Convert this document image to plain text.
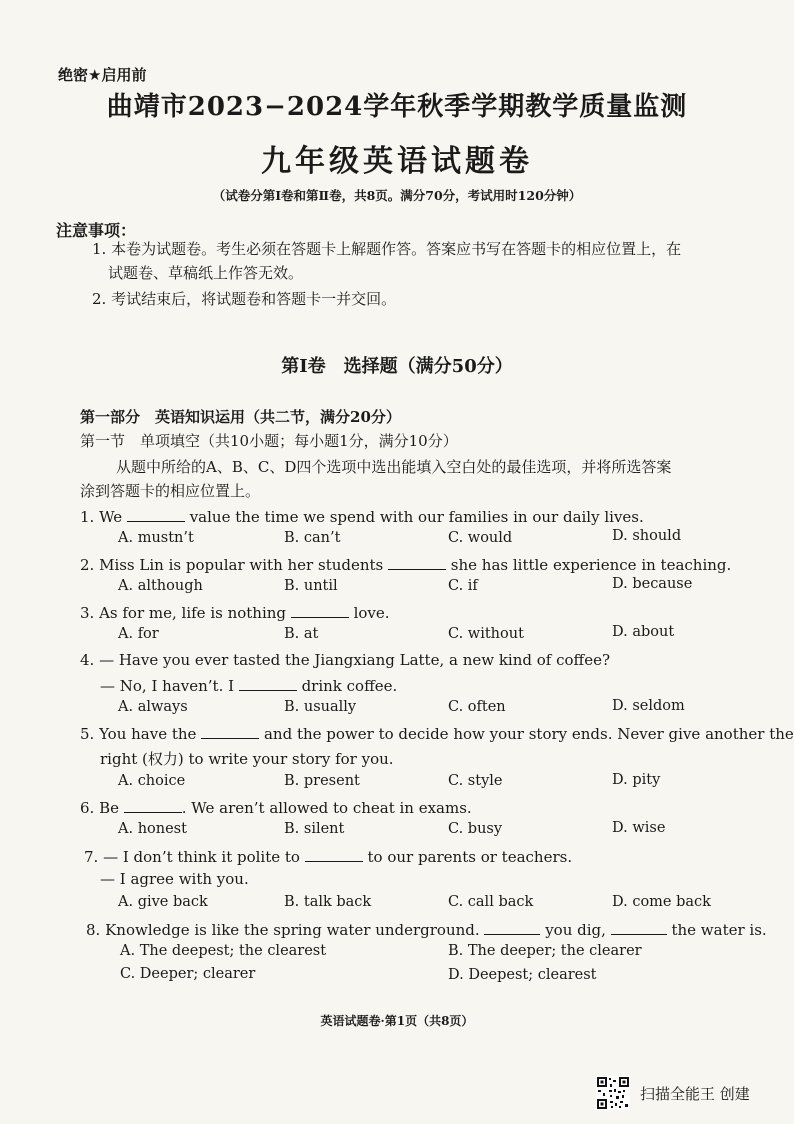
绝密★启用前
曲靖市2023−2024学年秋季学期教学质量监测
九年级英语试题卷
（试卷分第Ⅰ卷和第Ⅱ卷，共8页。满分70分，考试用时120分钟）
注意事项：
1. 本卷为试题卷。考生必须在答题卡上解题作答。答案应书写在答题卡的相应位置上，在
试题卷、草稿纸上作答无效。
2. 考试结束后，将试题卷和答题卡一并交回。
第Ⅰ卷　选择题（满分50分）
第一部分　英语知识运用（共二节，满分20分）
第一节　单项填空（共10小题；每小题1分，满分10分）
从题中所给的A、B、C、D四个选项中选出能填入空白处的最佳选项，并将所选答案
涂到答题卡的相应位置上。
1. We	value the time we spend with our families in our daily lives.
A. mustn’t	B. can’t	C. would	D. should
2. Miss Lin is popular with her students	she has little experience in teaching.
A. although	B. until	C. if	D. because
3. As for me, life is nothing	love.
A. for	B. at	C. without	D. about
4. — Have you ever tasted the Jiangxiang Latte, a new kind of coffee?
— No, I haven’t. I	drink coffee.
A. always	B. usually	C. often	D. seldom
5. You have the	and the power to decide how your story ends. Never give another the
right (权力) to write your story for you.
A. choice	B. present	C. style	D. pity
6. Be	. We aren’t allowed to cheat in exams.
A. honest	B. silent	C. busy	D. wise
7. — I don’t think it polite to	to our parents or teachers.
— I agree with you.
A. give back	B. talk back	C. call back	D. come back
8. Knowledge is like the spring water underground.	you dig,	the water is.
A. The deepest; the clearest	B. The deeper; the clearer
C. Deeper; clearer	D. Deepest; clearest
英语试题卷·第1页（共8页）
扫描全能王 创建
